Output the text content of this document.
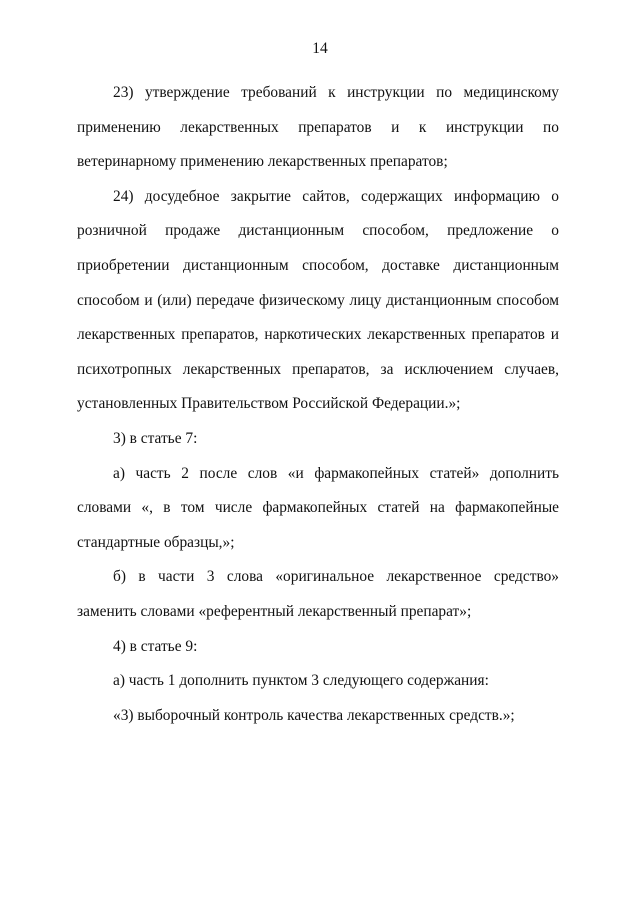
14

23) утверждение требований к инструкции по медицинскому применению лекарственных препаратов и к инструкции по ветеринарному применению лекарственных препаратов;

24) досудебное закрытие сайтов, содержащих информацию о розничной продаже дистанционным способом, предложение о приобретении дистанционным способом, доставке дистанционным способом и (или) передаче физическому лицу дистанционным способом лекарственных препаратов, наркотических лекарственных препаратов и психотропных лекарственных препаратов, за исключением случаев, установленных Правительством Российской Федерации.»;

3) в статье 7:

а) часть 2 после слов «и фармакопейных статей» дополнить словами «, в том числе фармакопейных статей на фармакопейные стандартные образцы,»;

б) в части 3 слова «оригинальное лекарственное средство» заменить словами «референтный лекарственный препарат»;

4) в статье 9:

а) часть 1 дополнить пунктом 3 следующего содержания:

«3) выборочный контроль качества лекарственных средств.»;
